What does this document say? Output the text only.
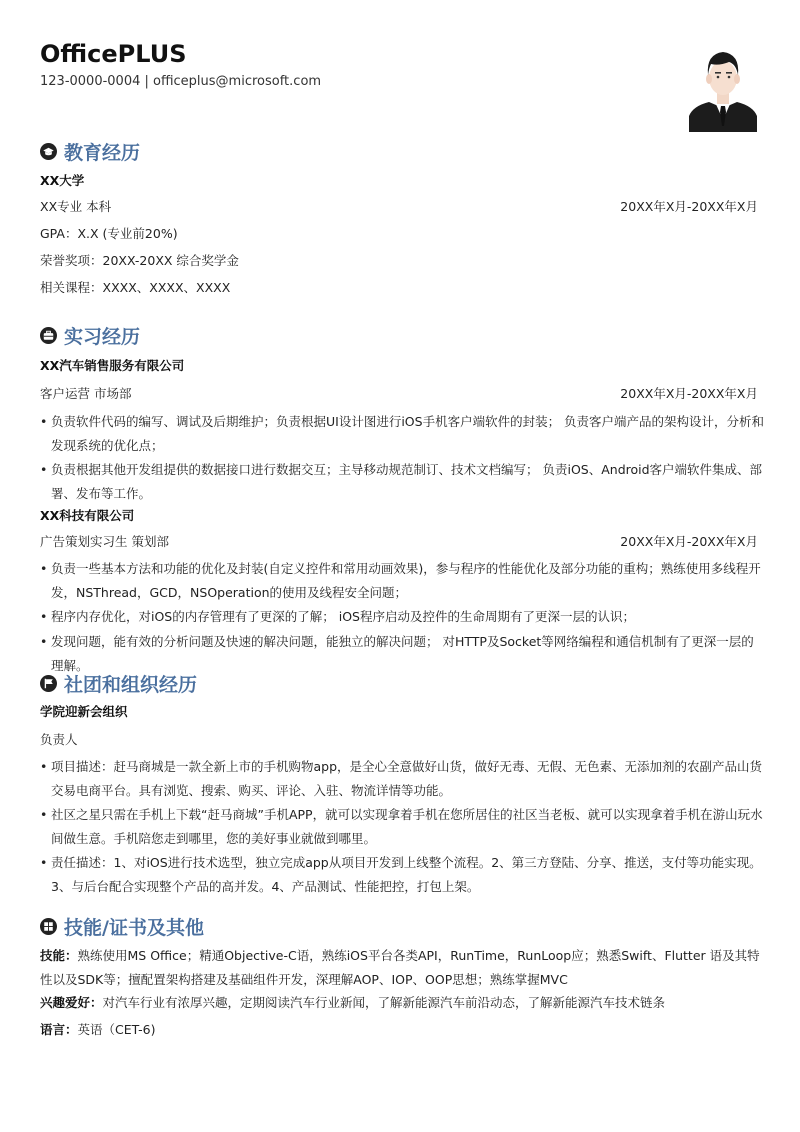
OfficePLUS
123-0000-0004 | officeplus@microsoft.com
教育经历
XX大学
XX专业 本科	20XX年X月-20XX年X月
GPA：X.X (专业前20%)
荣誉奖项：20XX-20XX 综合奖学金
相关课程：XXXX、XXXX、XXXX
实习经历
XX汽车销售服务有限公司
客户运营 市场部	20XX年X月-20XX年X月
• 负责软件代码的编写、调试及后期维护；负责根据UI设计图进行iOS手机客户端软件的封装； 负责客户端产品的架构设计，分析和发现系统的优化点；
• 负责根据其他开发组提供的数据接口进行数据交互；主导移动规范制订、技术文档编写； 负责iOS、Android客户端软件集成、部署、发布等工作。
XX科技有限公司
广告策划实习生 策划部	20XX年X月-20XX年X月
• 负责一些基本方法和功能的优化及封装(自定义控件和常用动画效果)，参与程序的性能优化及部分功能的重构；熟练使用多线程开发，NSThread，GCD，NSOperation的使用及线程安全问题；
• 程序内存优化，对iOS的内存管理有了更深的了解； iOS程序启动及控件的生命周期有了更深一层的认识；
• 发现问题，能有效的分析问题及快速的解决问题，能独立的解决问题； 对HTTP及Socket等网络编程和通信机制有了更深一层的理解。
社团和组织经历
学院迎新会组织
负责人
• 项目描述：赶马商城是一款全新上市的手机购物app，是全心全意做好山货，做好无毒、无假、无色素、无添加剂的农副产品山货交易电商平台。具有浏览、搜索、购买、评论、入驻、物流详情等功能。
• 社区之星只需在手机上下载“赶马商城”手机APP，就可以实现拿着手机在您所居住的社区当老板、就可以实现拿着手机在游山玩水间做生意。手机陪您走到哪里，您的美好事业就做到哪里。
• 责任描述：1、对iOS进行技术选型，独立完成app从项目开发到上线整个流程。2、第三方登陆、分享、推送，支付等功能实现。3、与后台配合实现整个产品的高并发。4、产品测试、性能把控，打包上架。
技能/证书及其他
技能：熟练使用MS Office；精通Objective-C语，熟练iOS平台各类API，RunTime，RunLoop应；熟悉Swift、Flutter 语及其特性以及SDK等；擅配置架构搭建及基础组件开发，深理解AOP、IOP、OOP思想；熟练掌握MVC
兴趣爱好：对汽车行业有浓厚兴趣，定期阅读汽车行业新闻，了解新能源汽车前沿动态，了解新能源汽车技术链条
语言：英语（CET-6)
